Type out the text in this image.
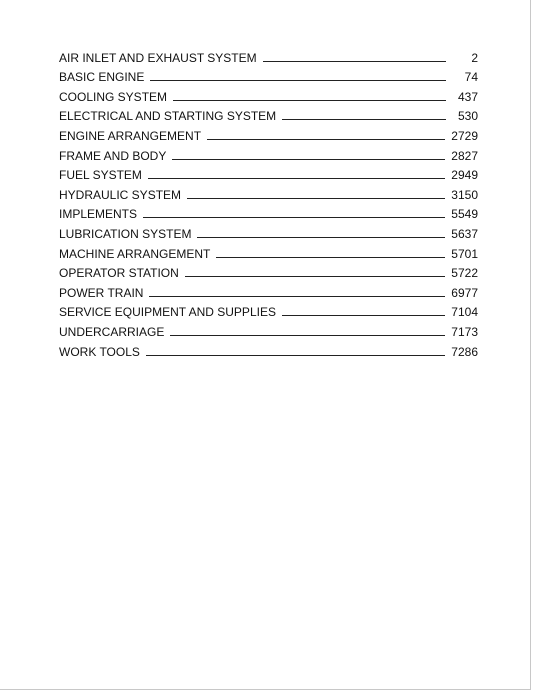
AIR INLET AND EXHAUST SYSTEM	2
BASIC ENGINE	74
COOLING SYSTEM	437
ELECTRICAL AND STARTING SYSTEM	530
ENGINE ARRANGEMENT	2729
FRAME AND BODY	2827
FUEL SYSTEM	2949
HYDRAULIC SYSTEM	3150
IMPLEMENTS	5549
LUBRICATION SYSTEM	5637
MACHINE ARRANGEMENT	5701
OPERATOR STATION	5722
POWER TRAIN	6977
SERVICE EQUIPMENT AND SUPPLIES	7104
UNDERCARRIAGE	7173
WORK TOOLS	7286
